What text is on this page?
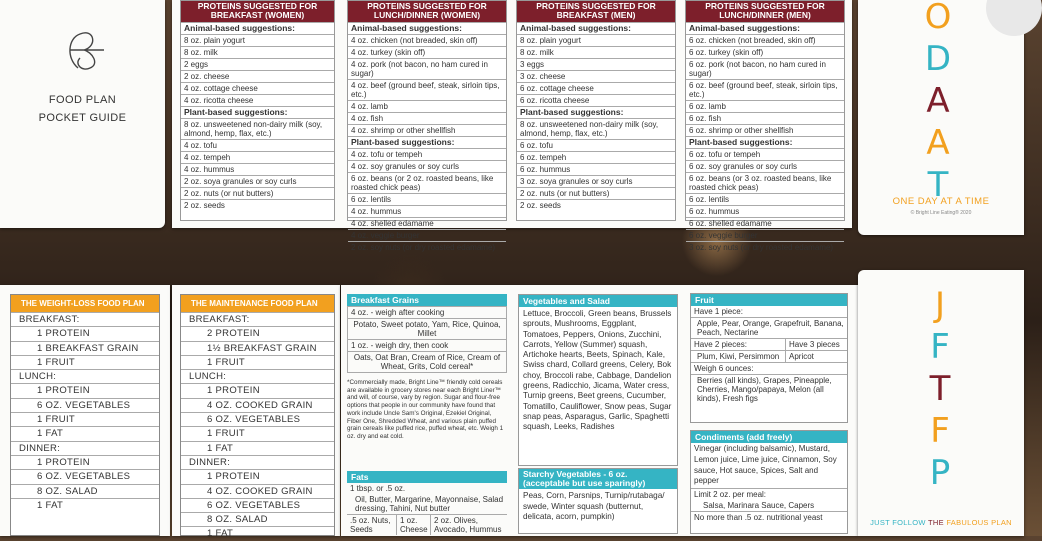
FOOD PLAN
POCKET GUIDE
PROTEINS SUGGESTED FOR BREAKFAST (WOMEN)
Animal-based suggestions:
8 oz. plain yogurt
8 oz. milk
2 eggs
2 oz. cheese
4 oz. cottage cheese
4 oz. ricotta cheese
Plant-based suggestions:
8 oz. unsweetened non-dairy milk (soy, almond, hemp, flax, etc.)
4 oz. tofu
4 oz. tempeh
4 oz. hummus
2 oz. soya granules or soy curls
2 oz. nuts (or nut butters)
2 oz. seeds
PROTEINS SUGGESTED FOR LUNCH/DINNER (WOMEN)
Animal-based suggestions:
4 oz. chicken (not breaded, skin off)
4 oz. turkey (skin off)
4 oz. pork (not bacon, no ham cured in sugar)
4 oz. beef (ground beef, steak, sirloin tips, etc.)
4 oz. lamb
4 oz. fish
4 oz. shrimp or other shellfish
Plant-based suggestions:
4 oz. tofu or tempeh
4 oz. soy granules or soy curls
6 oz. beans (or 2 oz. roasted beans, like roasted chick peas)
6 oz. lentils
4 oz. hummus
4 oz. shelled edamame
4 oz. veggie burger
2 oz. soy nuts (or dry roasted edamame)
PROTEINS SUGGESTED FOR BREAKFAST (MEN)
Animal-based suggestions:
8 oz. plain yogurt
8 oz. milk
3 eggs
3 oz. cheese
6 oz. cottage cheese
6 oz. ricotta cheese
Plant-based suggestions:
8 oz. unsweetened non-dairy milk (soy, almond, hemp, flax, etc.)
6 oz. tofu
6 oz. tempeh
6 oz. hummus
3 oz. soya granules or soy curls
2 oz. nuts (or nut butters)
2 oz. seeds
PROTEINS SUGGESTED FOR LUNCH/DINNER (MEN)
Animal-based suggestions:
6 oz. chicken (not breaded, skin off)
6 oz. turkey (skin off)
6 oz. pork (not bacon, no ham cured in sugar)
6 oz. beef (ground beef, steak, sirloin tips, etc.)
6 oz. lamb
6 oz. fish
6 oz. shrimp or other shellfish
Plant-based suggestions:
6 oz. tofu or tempeh
6 oz. soy granules or soy curls
6 oz. beans (or 3 oz. roasted beans, like roasted chick peas)
6 oz. lentils
6 oz. hummus
6 oz. shelled edamame
6 oz. veggie burger
3 oz. soy nuts (or dry roasted edamame)
O
D
A
A
T
ONE DAY AT A TIME
© Bright Line Eating® 2020
THE WEIGHT-LOSS FOOD PLAN
BREAKFAST:
1 PROTEIN
1 BREAKFAST GRAIN
1 FRUIT
LUNCH:
1 PROTEIN
6 OZ. VEGETABLES
1 FRUIT
1 FAT
DINNER:
1 PROTEIN
6 OZ. VEGETABLES
8 OZ. SALAD
1 FAT
THE MAINTENANCE FOOD PLAN
BREAKFAST:
2 PROTEIN
1½ BREAKFAST GRAIN
1 FRUIT
LUNCH:
1 PROTEIN
4 OZ. COOKED GRAIN
6 OZ. VEGETABLES
1 FRUIT
1 FAT
DINNER:
1 PROTEIN
4 OZ. COOKED GRAIN
6 OZ. VEGETABLES
8 OZ. SALAD
1 FAT
Breakfast Grains
4 oz. - weigh after cooking
Potato, Sweet potato, Yam, Rice, Quinoa, Millet
1 oz. - weigh dry, then cook
Oats, Oat Bran, Cream of Rice, Cream of Wheat, Grits, Cold cereal*
*Commercially made, Bright Line™ friendly cold cereals are available in grocery stores near each Bright Liner™ and will, of course, vary by region. Sugar and flour-free options that people in our community have found that work include Uncle Sam's Original, Ezekiel Original, Fiber One, Shredded Wheat, and various plain puffed grain cereals like puffed rice, puffed wheat, etc. Weigh 1 oz. dry and eat cold.
Fats
1 tbsp. or .5 oz.
Oil, Butter, Margarine, Mayonnaise, Salad dressing, Tahini, Nut butter
.5 oz. Nuts, Seeds
1 oz. Cheese
2 oz. Olives, Avocado, Hummus
Vegetables and Salad
Lettuce, Broccoli, Green beans, Brussels sprouts, Mushrooms, Eggplant, Tomatoes, Peppers, Onions, Zucchini, Carrots, Yellow (Summer) squash, Artichoke hearts, Beets, Spinach, Kale, Swiss chard, Collard greens, Celery, Bok choy, Broccoli rabe, Cabbage, Dandelion greens, Radicchio, Jicama, Water cress, Turnip greens, Beet greens, Cucumber, Tomatillo, Cauliflower, Snow peas, Sugar snap peas, Asparagus, Garlic, Spaghetti squash, Leeks, Radishes
Starchy Vegetables - 6 oz. (acceptable but use sparingly)
Peas, Corn, Parsnips, Turnip/rutabaga/ swede, Winter squash (butternut, delicata, acorn, pumpkin)
Fruit
Have 1 piece:
Apple, Pear, Orange, Grapefruit, Banana, Peach, Nectarine
Have 2 pieces:	Have 3 pieces
Plum, Kiwi, Persimmon	Apricot
Weigh 6 ounces:
Berries (all kinds), Grapes, Pineapple, Cherries, Mango/papaya, Melon (all kinds), Fresh figs
Condiments (add freely)
Vinegar (including balsamic), Mustard, Lemon juice, Lime juice, Cinnamon, Soy sauce, Hot sauce, Spices, Salt and pepper
Limit 2 oz. per meal:
Salsa, Marinara Sauce, Capers
No more than .5 oz. nutritional yeast
J
F
T
F
P
JUST FOLLOW THE FABULOUS PLAN
